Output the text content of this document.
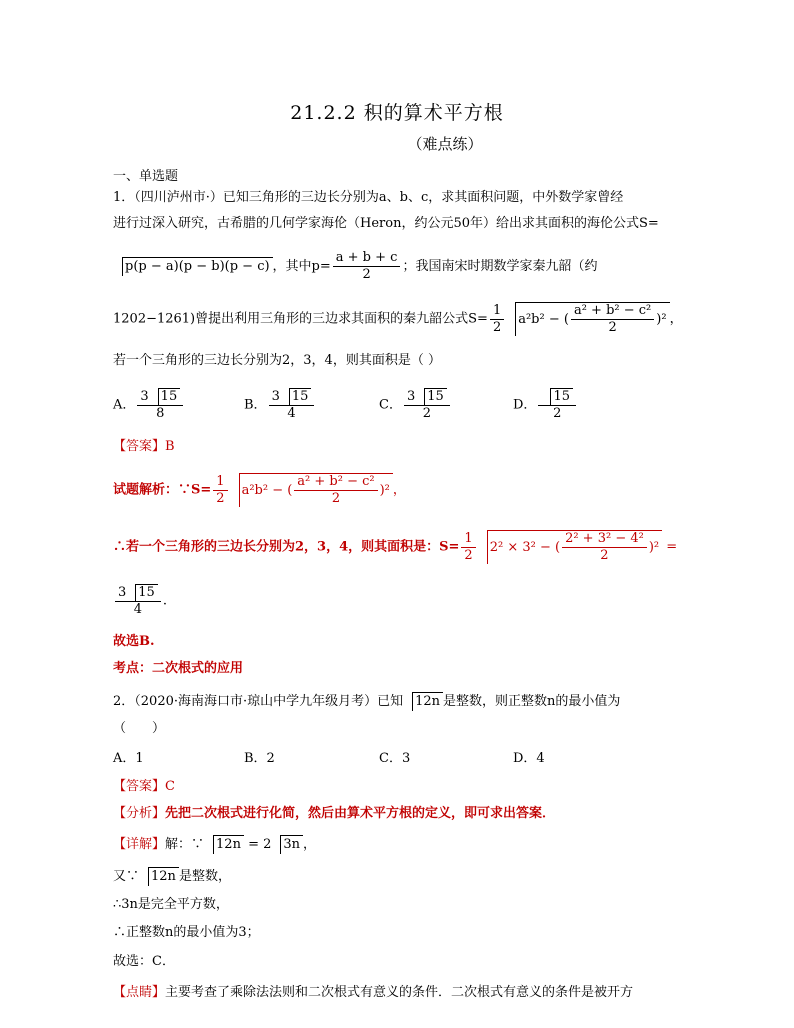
21.2.2 积的算术平方根
（难点练）
一、单选题
1．（四川泸州市·）已知三角形的三边长分别为a、b、c，求其面积问题，中外数学家曾经
进行过深入研究，古希腊的几何学家海伦（Heron，约公元50年）给出求其面积的海伦公式S=
p(p − a)(p − b)(p − c) ，其中$p= \frac{a + b + c}{2}$ ；我国南宋时期数学家秦九韶（约
1202−1261)曾提出利用三角形的三边求其面积的秦九韶公式$S= \frac{1}{2} a^2b^2$ − ( $\frac{\text{a² + b² − c²}}{2} )^2$ ，
若一个三角形的三边长分别为2，3，4，则其面积是（ ）
A． $\frac{3 15}{8}$	B． $\frac{3 15}{4}$	C． $\frac{3 15}{2}$	D． $\frac{15}{2}$
【答案】B
试题解析：∵S= $\frac{1}{2} a^2b^2$ − ( $\frac{\text{a² + b² − c²}}{2} )^2$ ，
∴若一个三角形的三边长分别为2，3，4，则其面积是：$S= \frac{1}{2} 2^2 \times 3^2$ − ( $\frac{\text{2² + 3² − 4²}}{2} )^2$ =
$\frac{3 15}{4}$ .
故选B.
考点：二次根式的应用
2．（2020·海南海口市·琼山中学九年级月考）已知 12n 是整数，则正整数n的最小值为
（　　）
A．1	B．2	C．3	D．4
【答案】C
【分析】先把二次根式进行化简，然后由算术平方根的定义，即可求出答案．
【详解】解：∵ 12n = 2 3n ，
又∵ 12n 是整数，
∴3n是完全平方数，
∴正整数n的最小值为3；
故选：C．
【点睛】主要考查了乘除法法则和二次根式有意义的条件．二次根式有意义的条件是被开方
